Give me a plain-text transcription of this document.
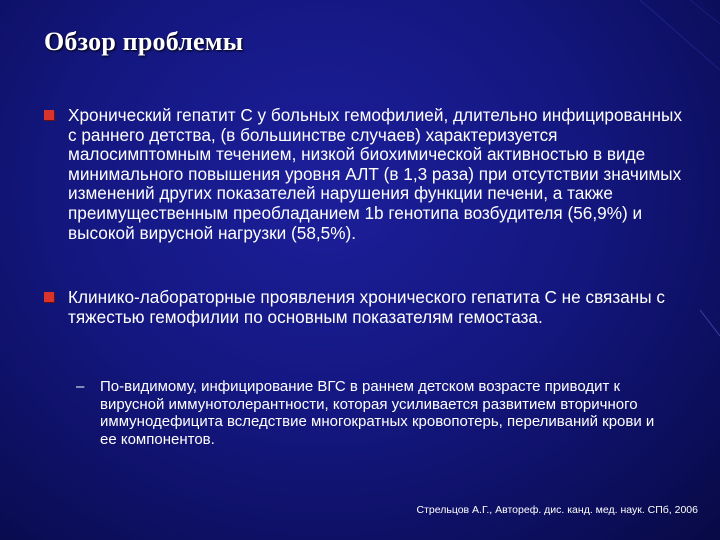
Обзор проблемы
Хронический гепатит С у больных гемофилией, длительно инфицированных с раннего детства, (в большинстве случаев) характеризуется малосимптомным течением, низкой биохимической активностью в виде минимального повышения уровня АЛТ (в 1,3 раза) при отсутствии значимых изменений других показателей нарушения функции печени, а также преимущественным преобладанием 1b генотипа возбудителя (56,9%) и высокой вирусной нагрузки (58,5%).
Клинико-лабораторные проявления хронического гепатита С не связаны с тяжестью гемофилии по основным показателям гемостаза.
– По-видимому, инфицирование ВГС в раннем детском возрасте приводит к вирусной иммунотолерантности, которая усиливается развитием вторичного иммунодефицита вследствие многократных кровопотерь, переливаний крови и ее компонентов.

Стрельцов А.Г., Автореф. дис. канд. мед. наук. СПб, 2006
